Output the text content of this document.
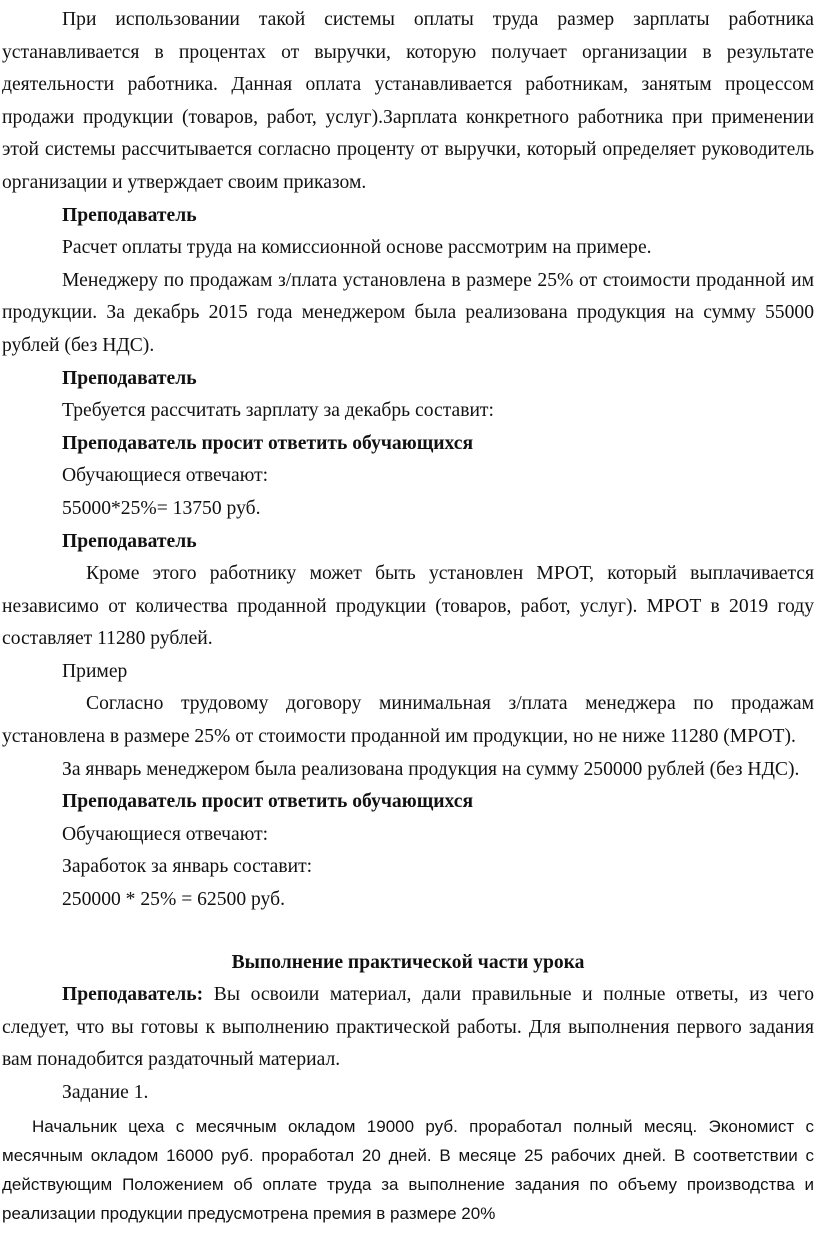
При использовании такой системы оплаты труда размер зарплаты работника устанавливается в процентах от выручки, которую получает организации в результате деятельности работника. Данная оплата устанавливается работникам, занятым процессом продажи продукции (товаров, работ, услуг).Зарплата конкретного работника при применении этой системы рассчитывается согласно проценту от выручки, который определяет руководитель организации и утверждает своим приказом.

Преподаватель

Расчет оплаты труда на комиссионной основе рассмотрим на примере.

Менеджеру по продажам з/плата установлена в размере 25% от стоимости проданной им продукции. За декабрь 2015 года менеджером была реализована продукция на сумму 55000 рублей (без НДС).

Преподаватель

Требуется рассчитать зарплату за декабрь составит:

Преподаватель просит ответить обучающихся

Обучающиеся отвечают:

55000*25%= 13750 руб.

Преподаватель

Кроме этого работнику может быть установлен МРОТ, который выплачивается независимо от количества проданной продукции (товаров, работ, услуг). МРОТ в 2019 году составляет 11280 рублей.

Пример

Согласно трудовому договору минимальная з/плата менеджера по продажам установлена в размере 25% от стоимости проданной им продукции, но не ниже 11280 (МРОТ).

За январь менеджером была реализована продукция на сумму 250000 рублей (без НДС).

Преподаватель просит ответить обучающихся

Обучающиеся отвечают:

Заработок за январь составит:

250000 * 25% = 62500 руб.

Выполнение практической части урока

Преподаватель: Вы освоили материал, дали правильные и полные ответы, из чего следует, что вы готовы к выполнению практической работы. Для выполнения первого задания вам понадобится раздаточный материал.

Задание 1.

Начальник цеха с месячным окладом 19000 руб. проработал полный месяц. Экономист с месячным окладом 16000 руб. проработал 20 дней. В месяце 25 рабочих дней. В соответствии с действующим Положением об оплате труда за выполнение задания по объему производства и реализации продукции предусмотрена премия в размере 20%
